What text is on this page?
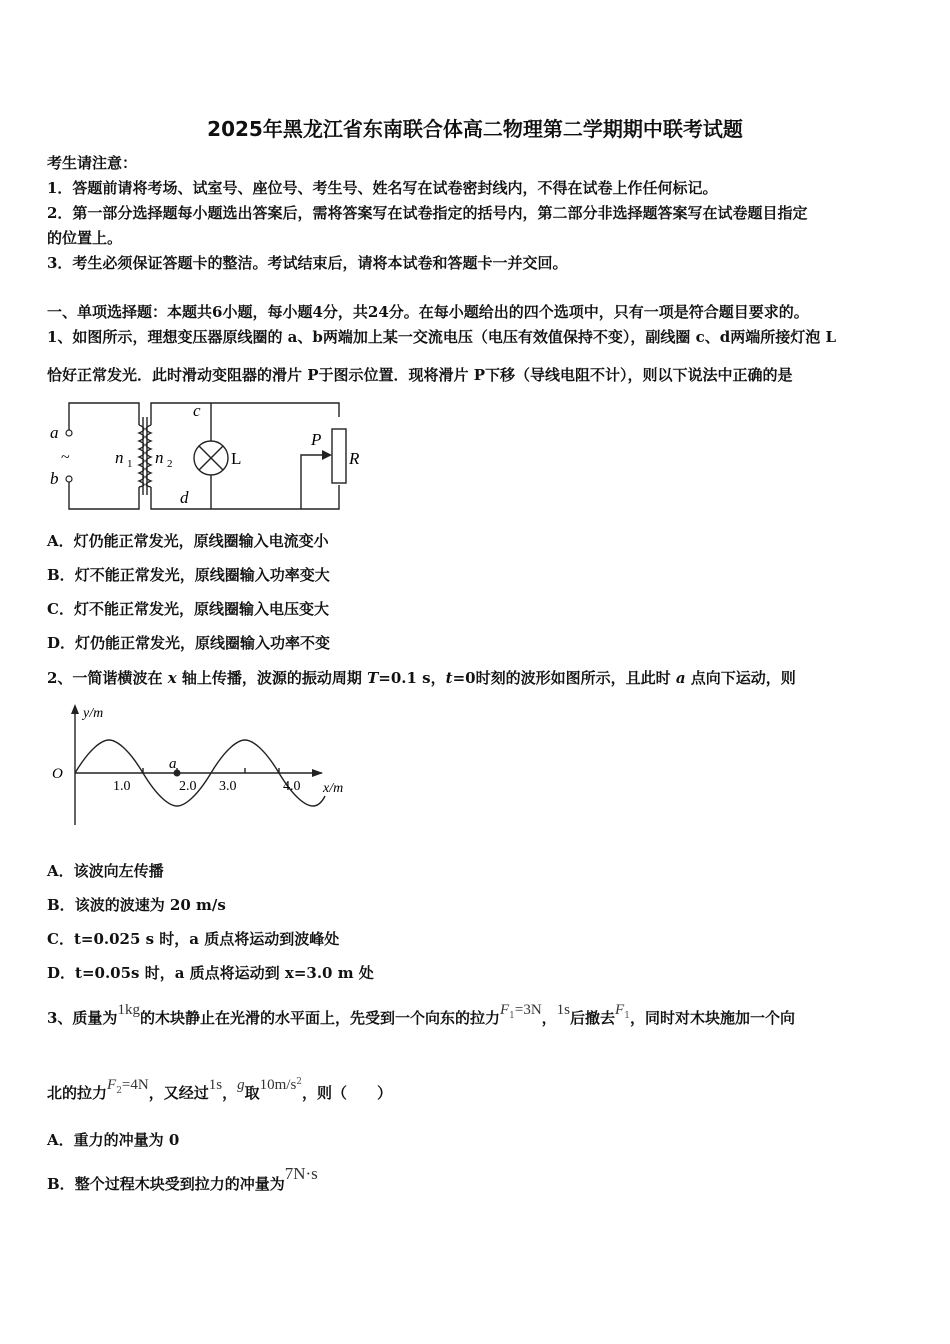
2025年黑龙江省东南联合体高二物理第二学期期中联考试题
考生请注意：
1．答题前请将考场、试室号、座位号、考生号、姓名写在试卷密封线内，不得在试卷上作任何标记。
2．第一部分选择题每小题选出答案后，需将答案写在试卷指定的括号内，第二部分非选择题答案写在试卷题目指定
的位置上。
3．考生必须保证答题卡的整洁。考试结束后，请将本试卷和答题卡一并交回。
一、单项选择题：本题共6小题，每小题4分，共24分。在每小题给出的四个选项中，只有一项是符合题目要求的。
1、如图所示，理想变压器原线圈的 a、b两端加上某一交流电压（电压有效值保持不变），副线圈 c、d两端所接灯泡 L
恰好正常发光．此时滑动变阻器的滑片 P于图示位置．现将滑片 P下移（导线电阻不计），则以下说法中正确的是
a
~
b
n 1 n 2
c
d
L
P
R
A．灯仍能正常发光，原线圈输入电流变小
B．灯不能正常发光，原线圈输入功率变大
C．灯不能正常发光，原线圈输入电压变大
D．灯仍能正常发光，原线圈输入功率不变
2、一简谐横波在 x 轴上传播，波源的振动周期 T=0.1 s，t=0时刻的波形如图所示，且此时 a 点向下运动，则
y/m
x/m
O
a
1.0	2.0 3.0	4.0
A．该波向左传播
B．该波的波速为 20 m/s
C．t=0.025 s 时，a 质点将运动到波峰处
D．t=0.05s 时，a 质点将运动到 x=3.0 m 处
3、质量为1kg的木块静止在光滑的水平面上，先受到一个向东的拉力$F^1=3N$，1s后撤去$F^1$，同时对木块施加一个向
北的拉力$F^2=4N$，又经过1s，g取$10m/s^2$，则（　　）
A．重力的冲量为 0
B．整个过程木块受到拉力的冲量为7N·s
